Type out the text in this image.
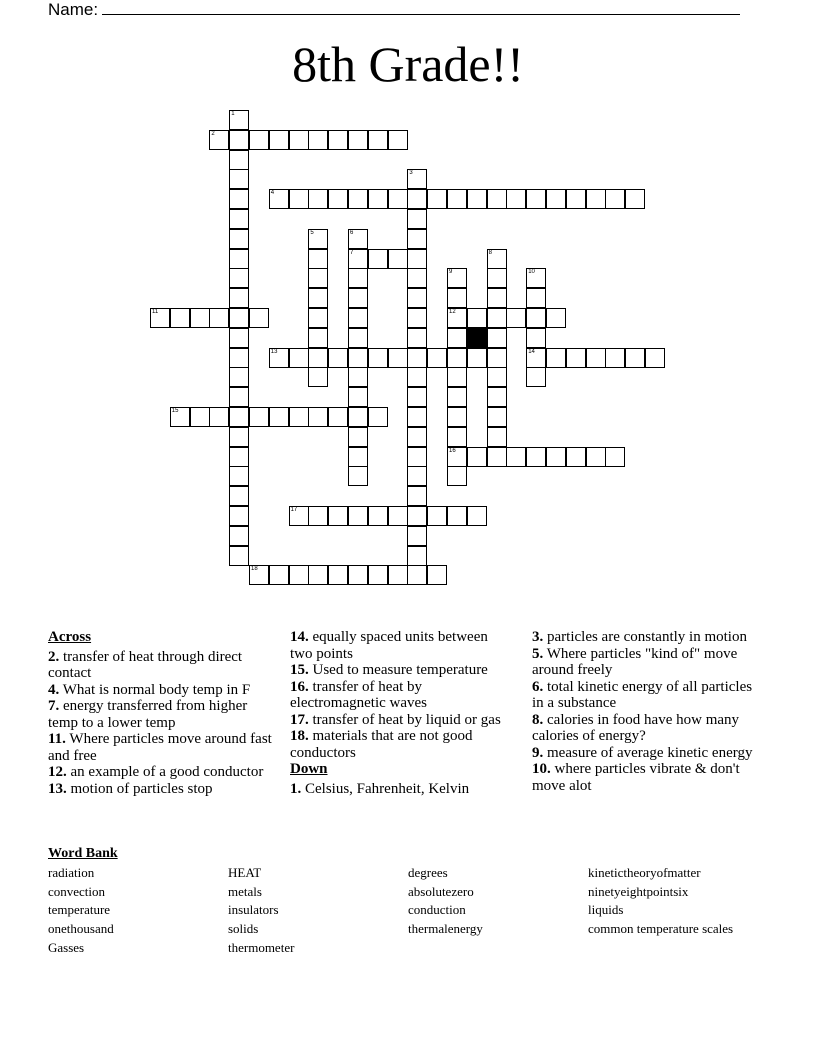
Name:
8th Grade!!
1
2
3
4
5	6
7	8
9
12
16
10
14
11
13
15
17
18
Across
2. transfer of heat through direct contact
4. What is normal body temp in F
7. energy transferred from higher temp to a lower temp
11. Where particles move around fast and free
12. an example of a good conductor
13. motion of particles stop
14. equally spaced units between two points
15. Used to measure temperature
16. transfer of heat by electromagnetic waves
17. transfer of heat by liquid or gas
18. materials that are not good conductors
Down
1. Celsius, Fahrenheit, Kelvin
3. particles are constantly in motion
5. Where particles "kind of" move around freely
6. total kinetic energy of all particles in a substance
8. calories in food have how many calories of energy?
9. measure of average kinetic energy
10. where particles vibrate & don't move alot
Word Bank
radiation
convection
temperature
onethousand
Gasses
HEAT
metals
insulators
solids
thermometer
degrees
absolutezero
conduction
thermalenergy
kinetictheoryofmatter
ninetyeightpointsix
liquids
common temperature scales
